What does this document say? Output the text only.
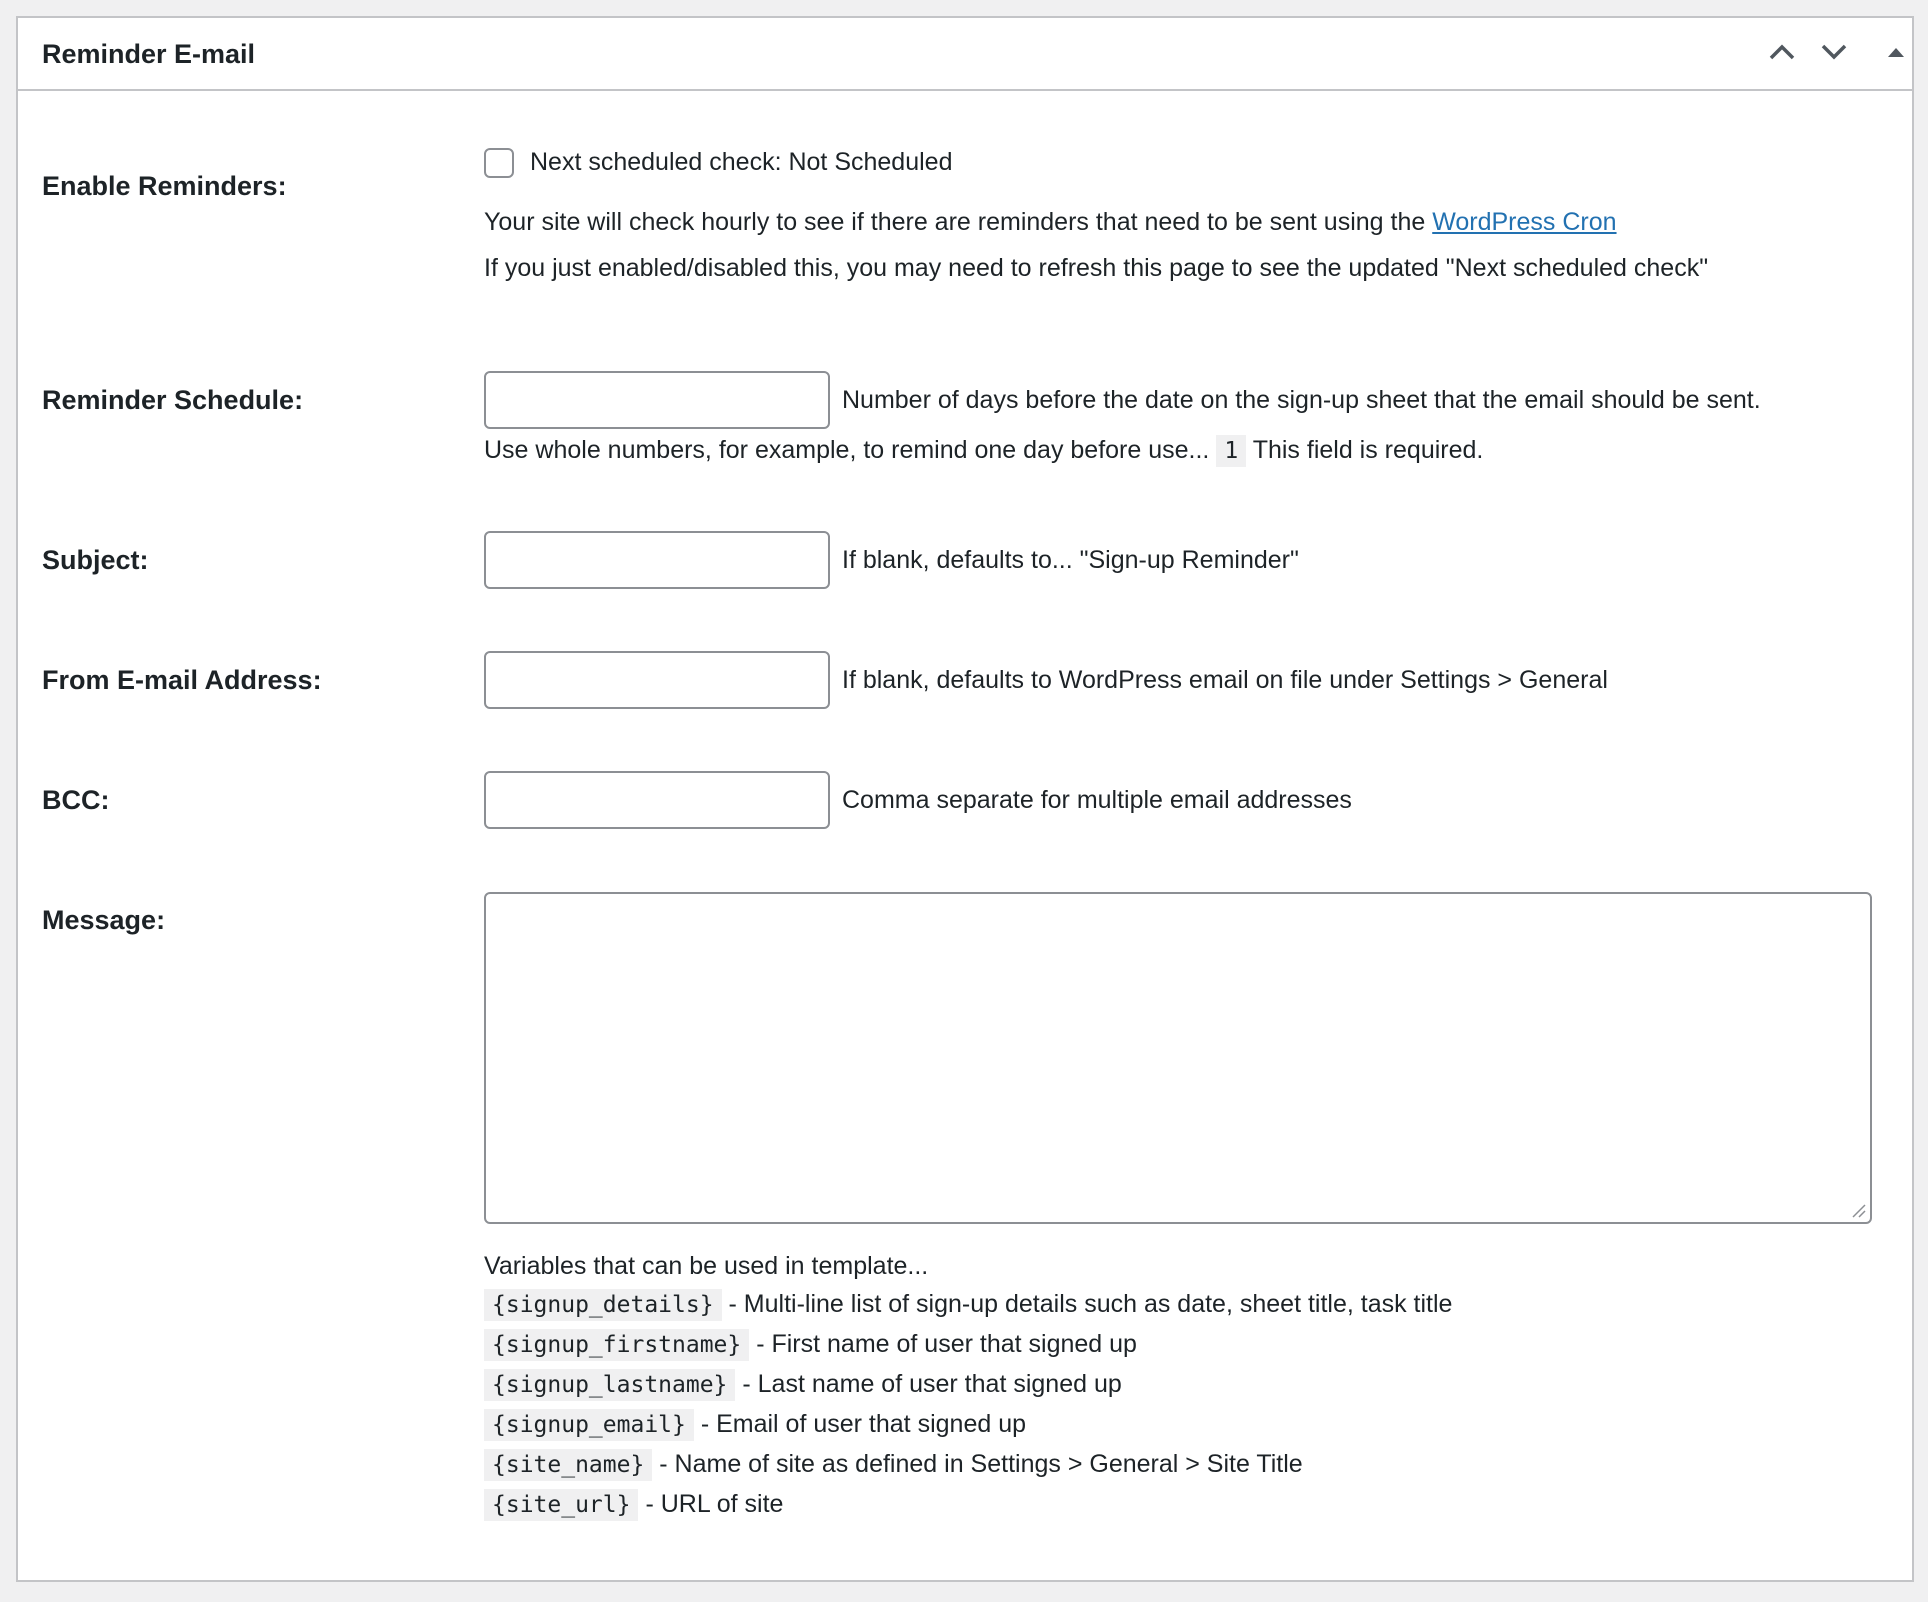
Reminder E-mail
Enable Reminders:
Next scheduled check: Not Scheduled
Your site will check hourly to see if there are reminders that need to be sent using the WordPress Cron
If you just enabled/disabled this, you may need to refresh this page to see the updated "Next scheduled check"
Reminder Schedule:	Number of days before the date on the sign-up sheet that the email should be sent.
Use whole numbers, for example, to remind one day before use... 1 This field is required.
Subject:	If blank, defaults to... "Sign-up Reminder"
From E-mail Address:	If blank, defaults to WordPress email on file under Settings > General
BCC:	Comma separate for multiple email addresses
Message:
Variables that can be used in template...
{signup_details} - Multi-line list of sign-up details such as date, sheet title, task title
{signup_firstname} - First name of user that signed up
{signup_lastname} - Last name of user that signed up
{signup_email} - Email of user that signed up
{site_name} - Name of site as defined in Settings > General > Site Title
{site_url} - URL of site
